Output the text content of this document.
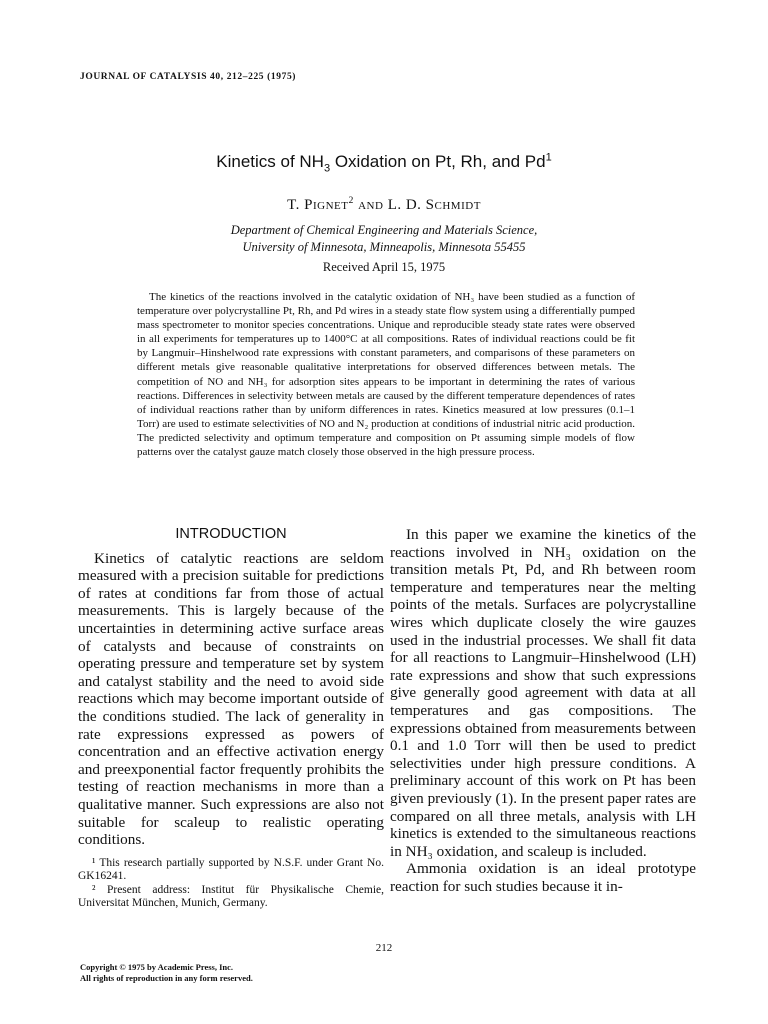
JOURNAL OF CATALYSIS 40, 212–225 (1975)
Kinetics of $NH_3$ Oxidation on Pt, Rh, and Pd$^1$
T. Pignet$^2$ and L. D. Schmidt
Department of Chemical Engineering and Materials Science,
University of Minnesota, Minneapolis, Minnesota 55455
Received April 15, 1975

The kinetics of the reactions involved in the catalytic oxidation of NH₃ have been studied as a function of temperature over polycrystalline Pt, Rh, and Pd wires in a steady state flow system using a differentially pumped mass spectrometer to monitor species concentrations. Unique and reproducible steady state rates were observed in all experiments for temperatures up to 1400°C at all compositions. Rates of individual reactions could be fit by Langmuir–Hinshelwood rate expressions with constant parameters, and comparisons of these parameters on different metals give reasonable qualitative interpretations for observed differences between metals. The competition of NO and NH₃ for adsorption sites appears to be important in determining the rates of various reactions. Differences in selectivity between metals are caused by the different temperature dependences of rates of individual reactions rather than by uniform differences in rates. Kinetics measured at low pressures (0.1–1 Torr) are used to estimate selectivities of NO and N₂ production at conditions of industrial nitric acid production. The predicted selectivity and optimum temperature and composition on Pt assuming simple models of flow patterns over the catalyst gauze match closely those observed in the high pressure process.

INTRODUCTION

Kinetics of catalytic reactions are seldom measured with a precision suitable for predictions of rates at conditions far from those of actual measurements. This is largely because of the uncertainties in determining active surface areas of catalysts and because of constraints on operating pressure and temperature set by system and catalyst stability and the need to avoid side reactions which may become important outside of the conditions studied. The lack of generality in rate expressions expressed as powers of concentration and an effective activation energy and preexponential factor frequently prohibits the testing of reaction mechanisms in more than a qualitative manner. Such expressions are also not suitable for scaleup to realistic operating conditions.

¹ This research partially supported by N.S.F. under Grant No. GK16241.

² Present address: Institut für Physikalische Chemie, Universitat München, Munich, Germany.

In this paper we examine the kinetics of the reactions involved in NH₃ oxidation on the transition metals Pt, Pd, and Rh between room temperature and temperatures near the melting points of the metals. Surfaces are polycrystalline wires which duplicate closely the wire gauzes used in the industrial processes. We shall fit data for all reactions to Langmuir–Hinshelwood (LH) rate expressions and show that such expressions give generally good agreement with data at all temperatures and gas compositions. The expressions obtained from measurements between 0.1 and 1.0 Torr will then be used to predict selectivities under high pressure conditions. A preliminary account of this work on Pt has been given previously (1). In the present paper rates are compared on all three metals, analysis with LH kinetics is extended to the simultaneous reactions in NH₃ oxidation, and scaleup is included.

Ammonia oxidation is an ideal prototype reaction for such studies because it in-

212
Copyright © 1975 by Academic Press, Inc.
All rights of reproduction in any form reserved.
